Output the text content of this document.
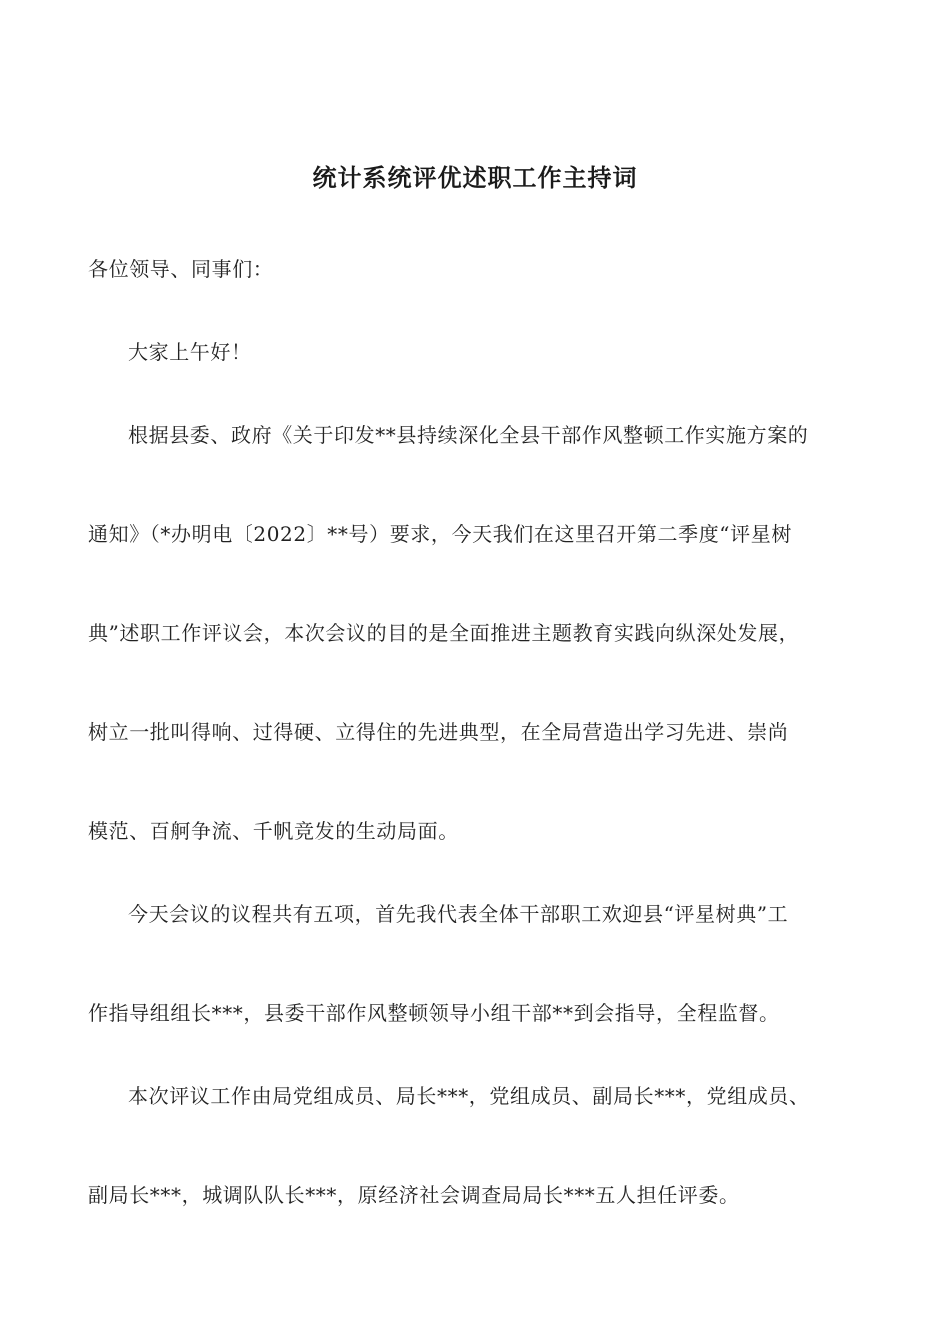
统计系统评优述职工作主持词
各位领导、同事们：
大家上午好！
根据县委、政府《关于印发**县持续深化全县干部作风整顿工作实施方案的
通知》（*办明电〔2022〕**号）要求，今天我们在这里召开第二季度“评星树
典”述职工作评议会，本次会议的目的是全面推进主题教育实践向纵深处发展，
树立一批叫得响、过得硬、立得住的先进典型，在全局营造出学习先进、崇尚
模范、百舸争流、千帆竞发的生动局面。
今天会议的议程共有五项，首先我代表全体干部职工欢迎县“评星树典”工
作指导组组长***，县委干部作风整顿领导小组干部**到会指导，全程监督。
本次评议工作由局党组成员、局长***，党组成员、副局长***，党组成员、
副局长***，城调队队长***，原经济社会调查局局长***五人担任评委。
